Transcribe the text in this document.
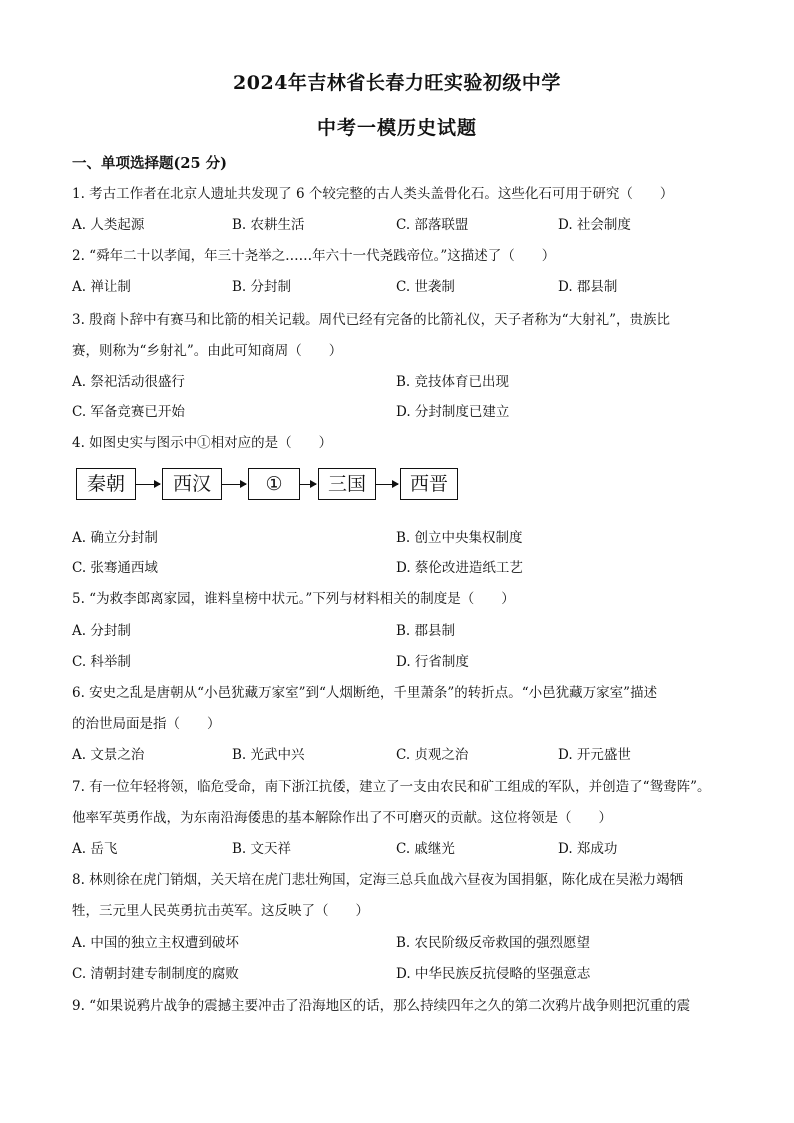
2024年吉林省长春力旺实验初级中学
中考一模历史试题
一、单项选择题(25 分)
1. 考古工作者在北京人遗址共发现了 6 个较完整的古人类头盖骨化石。这些化石可用于研究（　　）
A. 人类起源	B. 农耕生活	C. 部落联盟	D. 社会制度
2. “舜年二十以孝闻，年三十尧举之……年六十一代尧践帝位。”这描述了（　　）
A. 禅让制	B. 分封制	C. 世袭制	D. 郡县制
3. 殷商卜辞中有赛马和比箭的相关记载。周代已经有完备的比箭礼仪，天子者称为“大射礼”，贵族比
赛，则称为“乡射礼”。由此可知商周（　　）
A. 祭祀活动很盛行	B. 竞技体育已出现
C. 军备竞赛已开始	D. 分封制度已建立
4. 如图史实与图示中①相对应的是（　　）
秦朝	西汉	①	三国	西晋
A. 确立分封制	B. 创立中央集权制度
C. 张骞通西域	D. 蔡伦改进造纸工艺
5. “为救李郎离家园，谁料皇榜中状元。”下列与材料相关的制度是（　　）
A. 分封制	B. 郡县制
C. 科举制	D. 行省制度
6. 安史之乱是唐朝从“小邑犹藏万家室”到“人烟断绝，千里萧条”的转折点。“小邑犹藏万家室”描述
的治世局面是指（　　）
A. 文景之治	B. 光武中兴	C. 贞观之治	D. 开元盛世
7. 有一位年轻将领，临危受命，南下浙江抗倭，建立了一支由农民和矿工组成的军队，并创造了“鸳鸯阵”。
他率军英勇作战，为东南沿海倭患的基本解除作出了不可磨灭的贡献。这位将领是（　　）
A. 岳飞	B. 文天祥	C. 戚继光	D. 郑成功
8. 林则徐在虎门销烟，关天培在虎门悲壮殉国，定海三总兵血战六昼夜为国捐躯，陈化成在吴淞力竭牺
牲，三元里人民英勇抗击英军。这反映了（　　）
A. 中国的独立主权遭到破坏	B. 农民阶级反帝救国的强烈愿望
C. 清朝封建专制制度的腐败	D. 中华民族反抗侵略的坚强意志
9. “如果说鸦片战争的震撼主要冲击了沿海地区的话，那么持续四年之久的第二次鸦片战争则把沉重的震
